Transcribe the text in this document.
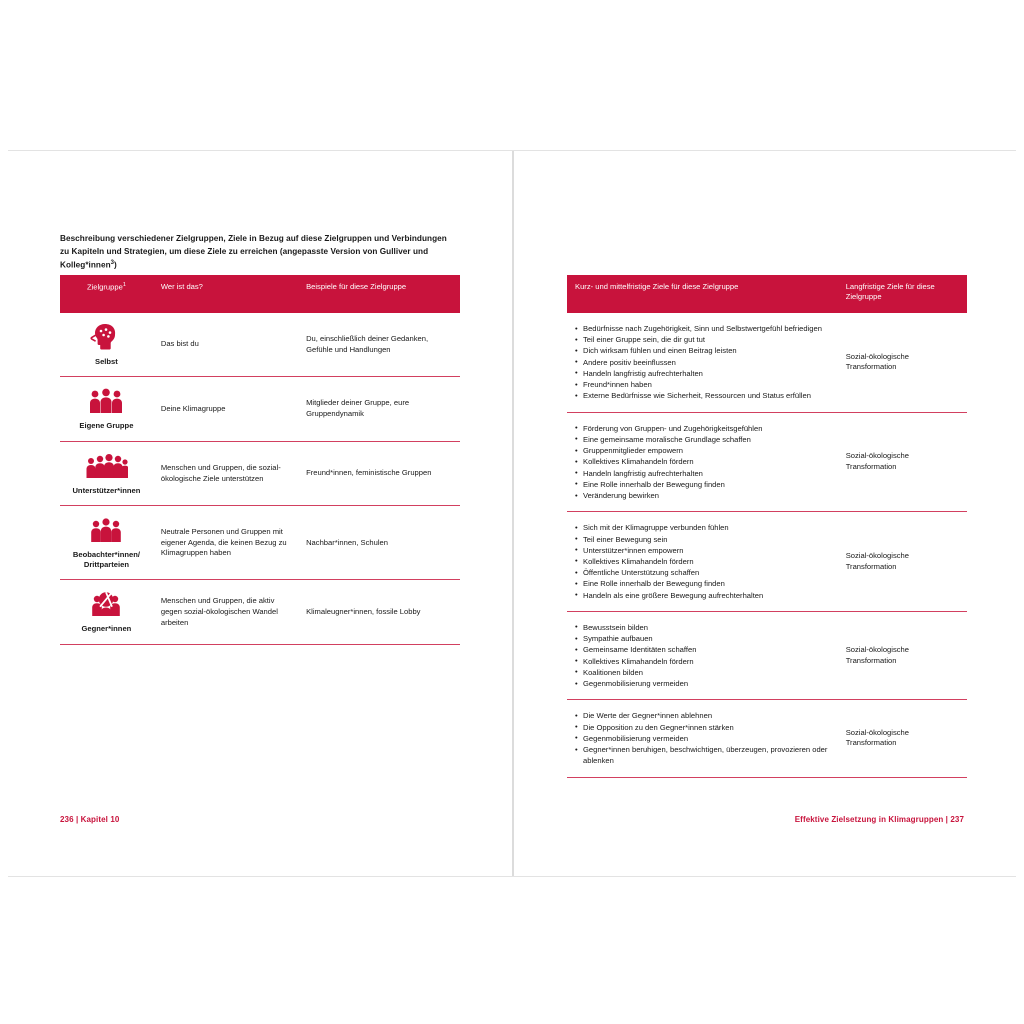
Beschreibung verschiedener Zielgruppen, Ziele in Bezug auf diese Zielgruppen und Verbindungen zu Kapiteln und Strategien, um diese Ziele zu erreichen (angepasste Version von Gulliver und Kolleg*innen$^3$)

Zielgruppe$^1$	Wer ist das?	Beispiele für diese Zielgruppe

Selbst	Das bist du	Du, einschließlich deiner Gedanken, Gefühle und Handlungen

Eigene Gruppe	Deine Klimagruppe	Mitglieder deiner Gruppe, eure Gruppendynamik

Unterstützer*innen	Menschen und Gruppen, die sozial-ökologische Ziele unterstützen	Freund*innen, feministische Gruppen

Beobachter*innen/ Drittparteien	Neutrale Personen und Gruppen mit eigener Agenda, die keinen Bezug zu Klimagruppen haben	Nachbar*innen, Schulen

Gegner*innen	Menschen und Gruppen, die aktiv gegen sozial-ökologischen Wandel arbeiten	Klimaleugner*innen, fossile Lobby
236 | Kapitel 10
Kurz- und mittelfristige Ziele für diese Zielgruppe	Langfristige Ziele für diese Zielgruppe

• Bedürfnisse nach Zugehörigkeit, Sinn und Selbstwertgefühl befriedigen
• Teil einer Gruppe sein, die dir gut tut
• Dich wirksam fühlen und einen Beitrag leisten
• Andere positiv beeinflussen
• Handeln langfristig aufrechterhalten
• Freund*innen haben
• Externe Bedürfnisse wie Sicherheit, Ressourcen und Status erfüllen
	Sozial-ökologische Transformation

• Förderung von Gruppen- und Zugehörigkeitsgefühlen
• Eine gemeinsame moralische Grundlage schaffen
• Gruppenmitglieder empowern
• Kollektives Klimahandeln fördern
• Handeln langfristig aufrechterhalten
• Eine Rolle innerhalb der Bewegung finden
• Veränderung bewirken
	Sozial-ökologische Transformation

• Sich mit der Klimagruppe verbunden fühlen
• Teil einer Bewegung sein
• Unterstützer*innen empowern
• Kollektives Klimahandeln fördern
• Öffentliche Unterstützung schaffen
• Eine Rolle innerhalb der Bewegung finden
• Handeln als eine größere Bewegung aufrechterhalten
	Sozial-ökologische Transformation

• Bewusstsein bilden
• Sympathie aufbauen
• Gemeinsame Identitäten schaffen
• Kollektives Klimahandeln fördern
• Koalitionen bilden
• Gegenmobilisierung vermeiden
	Sozial-ökologische Transformation

• Die Werte der Gegner*innen ablehnen
• Die Opposition zu den Gegner*innen stärken
• Gegenmobilisierung vermeiden
• Gegner*innen beruhigen, beschwichtigen, überzeugen, provozieren oder ablenken
	Sozial-ökologische Transformation
Effektive Zielsetzung in Klimagruppen | 237
